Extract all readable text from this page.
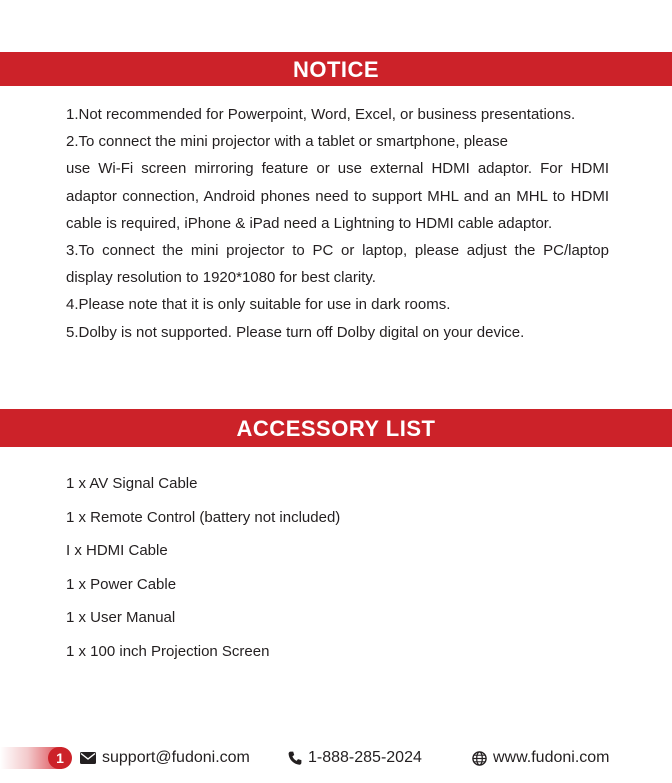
NOTICE

1.Not recommended for Powerpoint, Word, Excel, or business presentations.

2.To connect the mini projector with a tablet or smartphone, please

use Wi-Fi screen mirroring feature or use external HDMI adaptor. For HDMI adaptor connection, Android phones need to support MHL and an MHL to HDMI cable is required, iPhone & iPad need a Lightning to HDMI cable adaptor.

3.To connect the mini projector to PC or laptop, please adjust the PC/laptop display resolution to 1920*1080 for best clarity.

4.Please note that it is only suitable for use in dark rooms.

5.Dolby is not supported. Please turn off Dolby digital on your device.

ACCESSORY LIST
1 x AV Signal Cable
1 x Remote Control (battery not included)
I x HDMI Cable
1 x Power Cable
1 x User Manual
1 x 100 inch Projection Screen
1	support@fudoni.com	1-888-285-2024	www.fudoni.com
